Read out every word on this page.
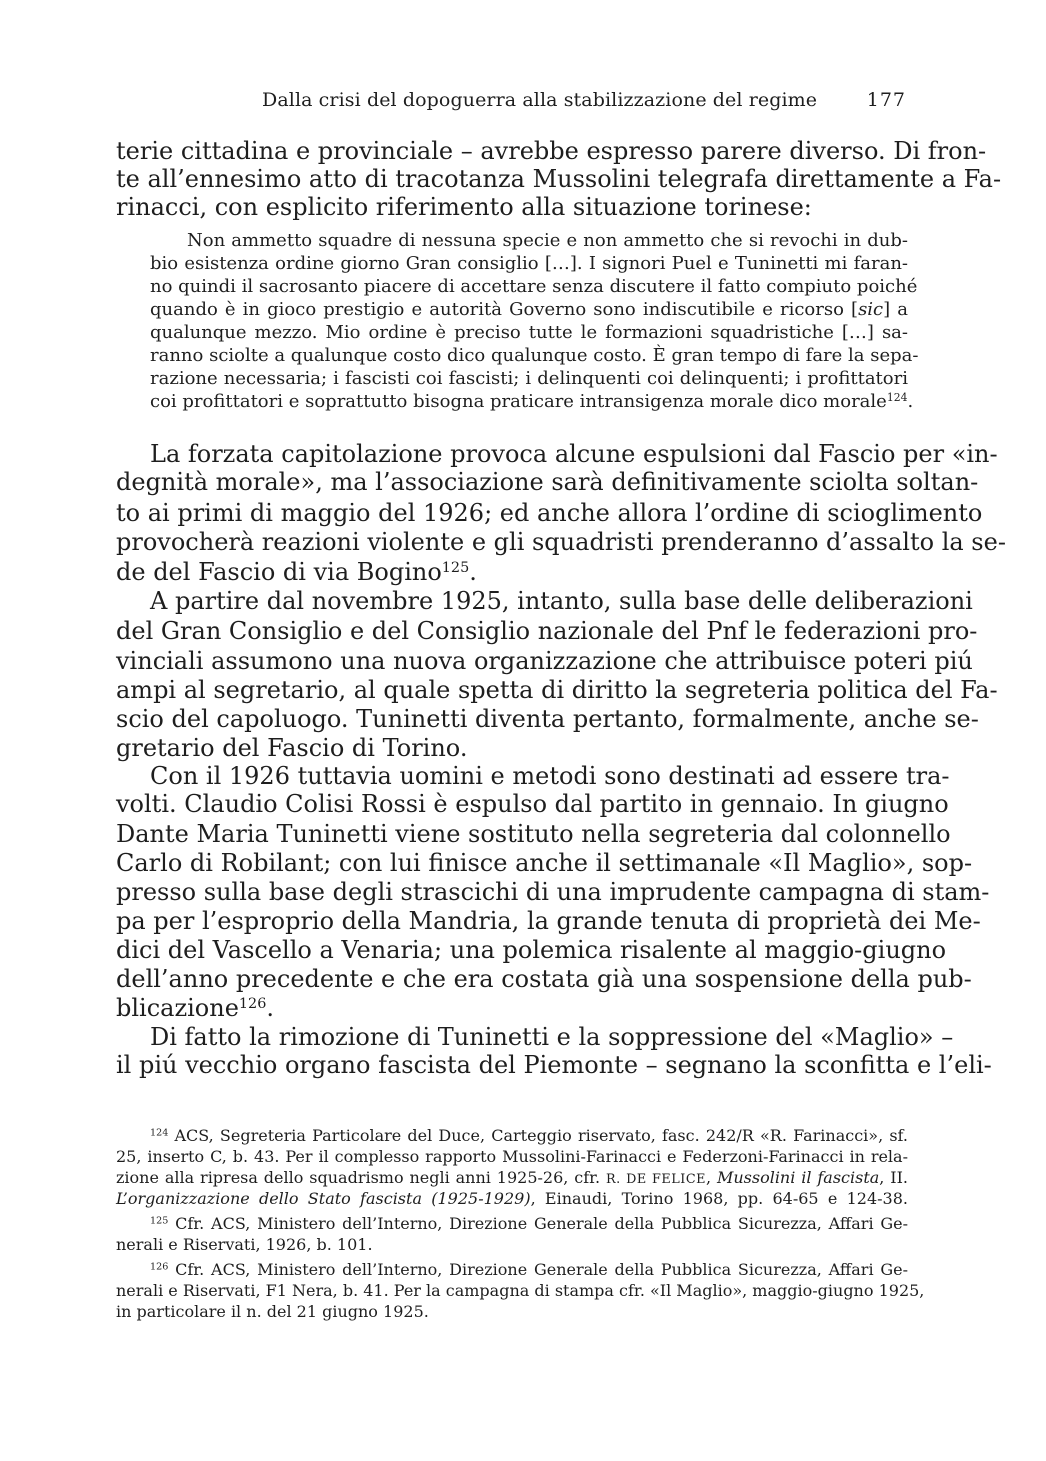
Dalla crisi del dopoguerra alla stabilizzazione del regime	177
terie cittadina e provinciale – avrebbe espresso parere diverso. Di fron-
te all’ennesimo atto di tracotanza Mussolini telegrafa direttamente a Fa-
rinacci, con esplicito riferimento alla situazione torinese:
Non ammetto squadre di nessuna specie e non ammetto che si revochi in dub-
bio esistenza ordine giorno Gran consiglio […]. I signori Puel e Tuninetti mi faran-
no quindi il sacrosanto piacere di accettare senza discutere il fatto compiuto poiché
quando è in gioco prestigio e autorità Governo sono indiscutibile e ricorso [sic] a
qualunque mezzo. Mio ordine è preciso tutte le formazioni squadristiche […] sa-
ranno sciolte a qualunque costo dico qualunque costo. È gran tempo di fare la sepa-
razione necessaria; i fascisti coi fascisti; i delinquenti coi delinquenti; i profittatori
coi profittatori e soprattutto bisogna praticare intransigenza morale dico morale$^{124}$.
La forzata capitolazione provoca alcune espulsioni dal Fascio per «in-
degnità morale», ma l’associazione sarà definitivamente sciolta soltan-
to ai primi di maggio del 1926; ed anche allora l’ordine di scioglimento
provocherà reazioni violente e gli squadristi prenderanno d’assalto la se-
de del Fascio di via Bogino$^{125}$.
A partire dal novembre 1925, intanto, sulla base delle deliberazioni
del Gran Consiglio e del Consiglio nazionale del Pnf le federazioni pro-
vinciali assumono una nuova organizzazione che attribuisce poteri piú
ampi al segretario, al quale spetta di diritto la segreteria politica del Fa-
scio del capoluogo. Tuninetti diventa pertanto, formalmente, anche se-
gretario del Fascio di Torino.
Con il 1926 tuttavia uomini e metodi sono destinati ad essere tra-
volti. Claudio Colisi Rossi è espulso dal partito in gennaio. In giugno
Dante Maria Tuninetti viene sostituto nella segreteria dal colonnello
Carlo di Robilant; con lui finisce anche il settimanale «Il Maglio», sop-
presso sulla base degli strascichi di una imprudente campagna di stam-
pa per l’esproprio della Mandria, la grande tenuta di proprietà dei Me-
dici del Vascello a Venaria; una polemica risalente al maggio-giugno
dell’anno precedente e che era costata già una sospensione della pub-
blicazione$^{126}$.
Di fatto la rimozione di Tuninetti e la soppressione del «Maglio» –
il piú vecchio organo fascista del Piemonte – segnano la sconfitta e l’eli-
$^{124}$ ACS, Segreteria Particolare del Duce, Carteggio riservato, fasc. 242/R «R. Farinacci», sf.
25, inserto C, b. 43. Per il complesso rapporto Mussolini-Farinacci e Federzoni-Farinacci in rela-
zione alla ripresa dello squadrismo negli anni 1925-26, cfr. R. DE FELICE, Mussolini il fascista, II.
L’organizzazione dello Stato fascista (1925-1929), Einaudi, Torino 1968, pp. 64-65 e 124-38.
$^{125}$ Cfr. ACS, Ministero dell’Interno, Direzione Generale della Pubblica Sicurezza, Affari Ge-
nerali e Riservati, 1926, b. 101.
$^{126}$ Cfr. ACS, Ministero dell’Interno, Direzione Generale della Pubblica Sicurezza, Affari Ge-
nerali e Riservati, F1 Nera, b. 41. Per la campagna di stampa cfr. «Il Maglio», maggio-giugno 1925,
in particolare il n. del 21 giugno 1925.
